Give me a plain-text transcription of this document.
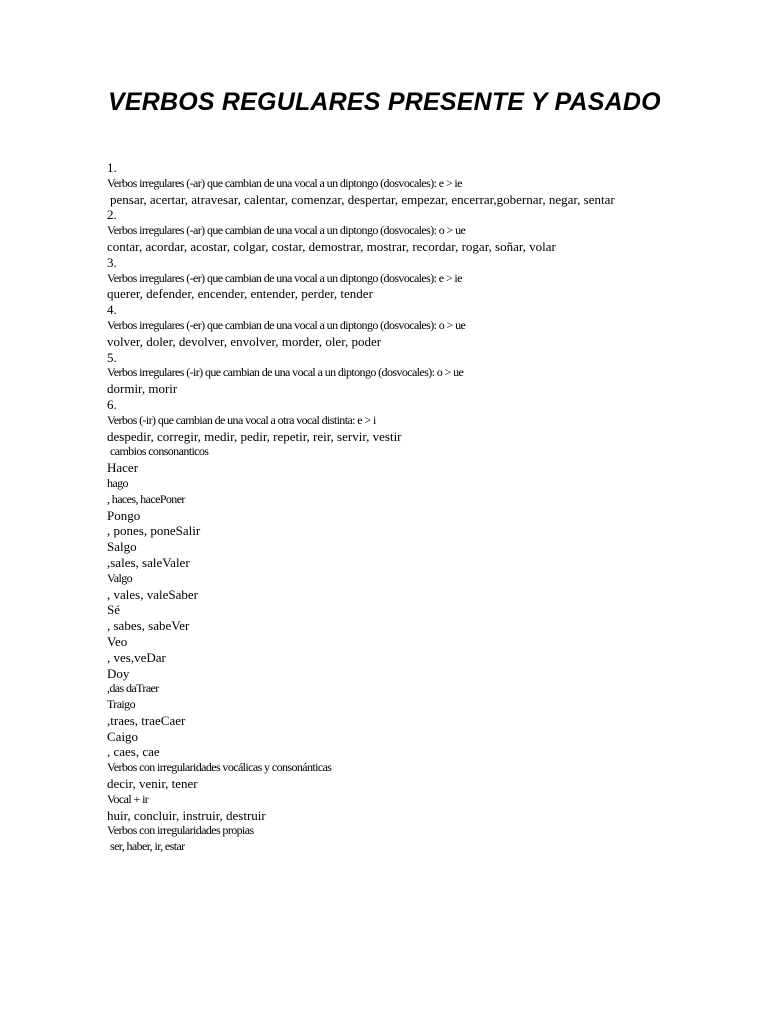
VERBOS REGULARES PRESENTE Y PASADO
1.
Verbos irregulares (-ar) que cambian de una vocal a un diptongo (dosvocales): e > ie
pensar, acertar, atravesar, calentar, comenzar, despertar, empezar, encerrar,gobernar, negar, sentar
2.
Verbos irregulares (-ar) que cambian de una vocal a un diptongo (dosvocales): o > ue
contar, acordar, acostar, colgar, costar, demostrar, mostrar, recordar, rogar, soñar, volar
3.
Verbos irregulares (-er) que cambian de una vocal a un diptongo (dosvocales): e > ie
querer, defender, encender, entender, perder, tender
4.
Verbos irregulares (-er) que cambian de una vocal a un diptongo (dosvocales): o > ue
volver, doler, devolver, envolver, morder, oler, poder
5.
Verbos irregulares (-ir) que cambian de una vocal a un diptongo (dosvocales): o > ue
dormir, morir
6.
Verbos (-ir) que cambian de una vocal a otra vocal distinta: e > i
despedir, corregir, medir, pedir, repetir, reir, servir, vestir
cambios consonanticos
Hacer
hago
, haces, hacePoner
Pongo
, pones, poneSalir
Salgo
,sales, saleValer
Valgo
, vales, valeSaber
Sé
, sabes, sabeVer
Veo
, ves,veDar
Doy
,das daTraer
Traigo
,traes, traeCaer
Caigo
, caes, cae
Verbos con irregularidades vocálicas y consonánticas
decir, venir, tener
Vocal + ir
huir, concluir, instruir, destruir
Verbos con irregularidades propias
ser, haber, ir, estar
